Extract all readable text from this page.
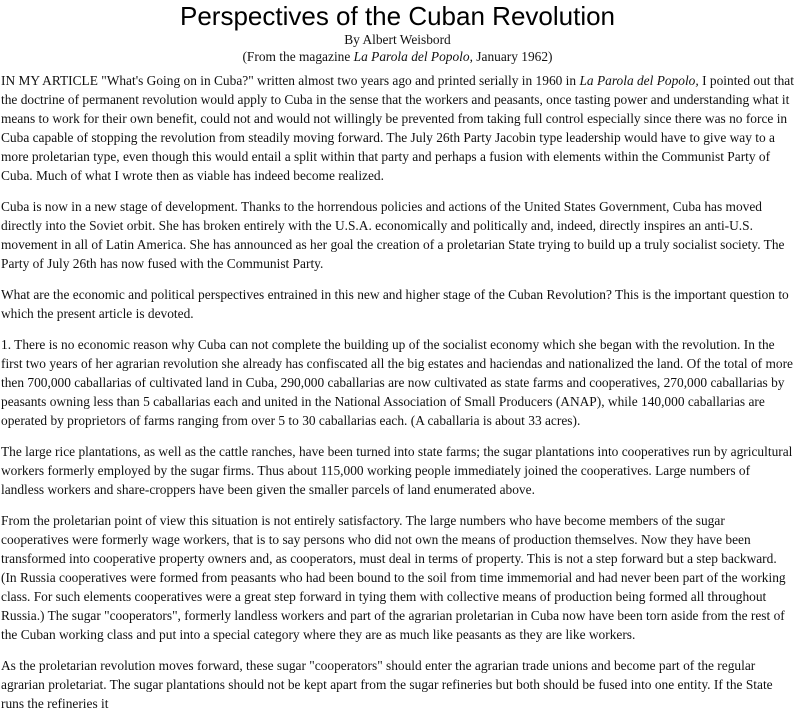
Perspectives of the Cuban Revolution
By Albert Weisbord
(From the magazine La Parola del Popolo, January 1962)

IN MY ARTICLE "What's Going on in Cuba?" written almost two years ago and printed serially in 1960 in La Parola del Popolo, I pointed out that the doctrine of permanent revolution would apply to Cuba in the sense that the workers and peasants, once tasting power and understanding what it means to work for their own benefit, could not and would not willingly be prevented from taking full control especially since there was no force in Cuba capable of stopping the revolution from steadily moving forward. The July 26th Party Jacobin type leadership would have to give way to a more proletarian type, even though this would entail a split within that party and perhaps a fusion with elements within the Communist Party of Cuba. Much of what I wrote then as viable has indeed become realized.

Cuba is now in a new stage of development. Thanks to the horrendous policies and actions of the United States Government, Cuba has moved directly into the Soviet orbit. She has broken entirely with the U.S.A. economically and politically and, indeed, directly inspires an anti-U.S. movement in all of Latin America. She has announced as her goal the creation of a proletarian State trying to build up a truly socialist society. The Party of July 26th has now fused with the Communist Party.

What are the economic and political perspectives entrained in this new and higher stage of the Cuban Revolution? This is the important question to which the present article is devoted.

1. There is no economic reason why Cuba can not complete the building up of the socialist economy which she began with the revolution. In the first two years of her agrarian revolution she already has confiscated all the big estates and haciendas and nationalized the land. Of the total of more then 700,000 caballarias of cultivated land in Cuba, 290,000 caballarias are now cultivated as state farms and cooperatives, 270,000 caballarias by peasants owning less than 5 caballarias each and united in the National Association of Small Producers (ANAP), while 140,000 caballarias are operated by proprietors of farms ranging from over 5 to 30 caballarias each. (A caballaria is about 33 acres).

The large rice plantations, as well as the cattle ranches, have been turned into state farms; the sugar plantations into cooperatives run by agricultural workers formerly employed by the sugar firms. Thus about 115,000 working people immediately joined the cooperatives. Large numbers of landless workers and share-croppers have been given the smaller parcels of land enumerated above.

From the proletarian point of view this situation is not entirely satisfactory. The large numbers who have become members of the sugar cooperatives were formerly wage workers, that is to say persons who did not own the means of production themselves. Now they have been transformed into cooperative property owners and, as cooperators, must deal in terms of property. This is not a step forward but a step backward. (In Russia cooperatives were formed from peasants who had been bound to the soil from time immemorial and had never been part of the working class. For such elements cooperatives were a great step forward in tying them with collective means of production being formed all throughout Russia.) The sugar "cooperators", formerly landless workers and part of the agrarian proletarian in Cuba now have been torn aside from the rest of the Cuban working class and put into a special category where they are as much like peasants as they are like workers.

As the proletarian revolution moves forward, these sugar "cooperators" should enter the agrarian trade unions and become part of the regular agrarian proletariat. The sugar plantations should not be kept apart from the sugar refineries but both should be fused into one entity. If the State runs the refineries it
